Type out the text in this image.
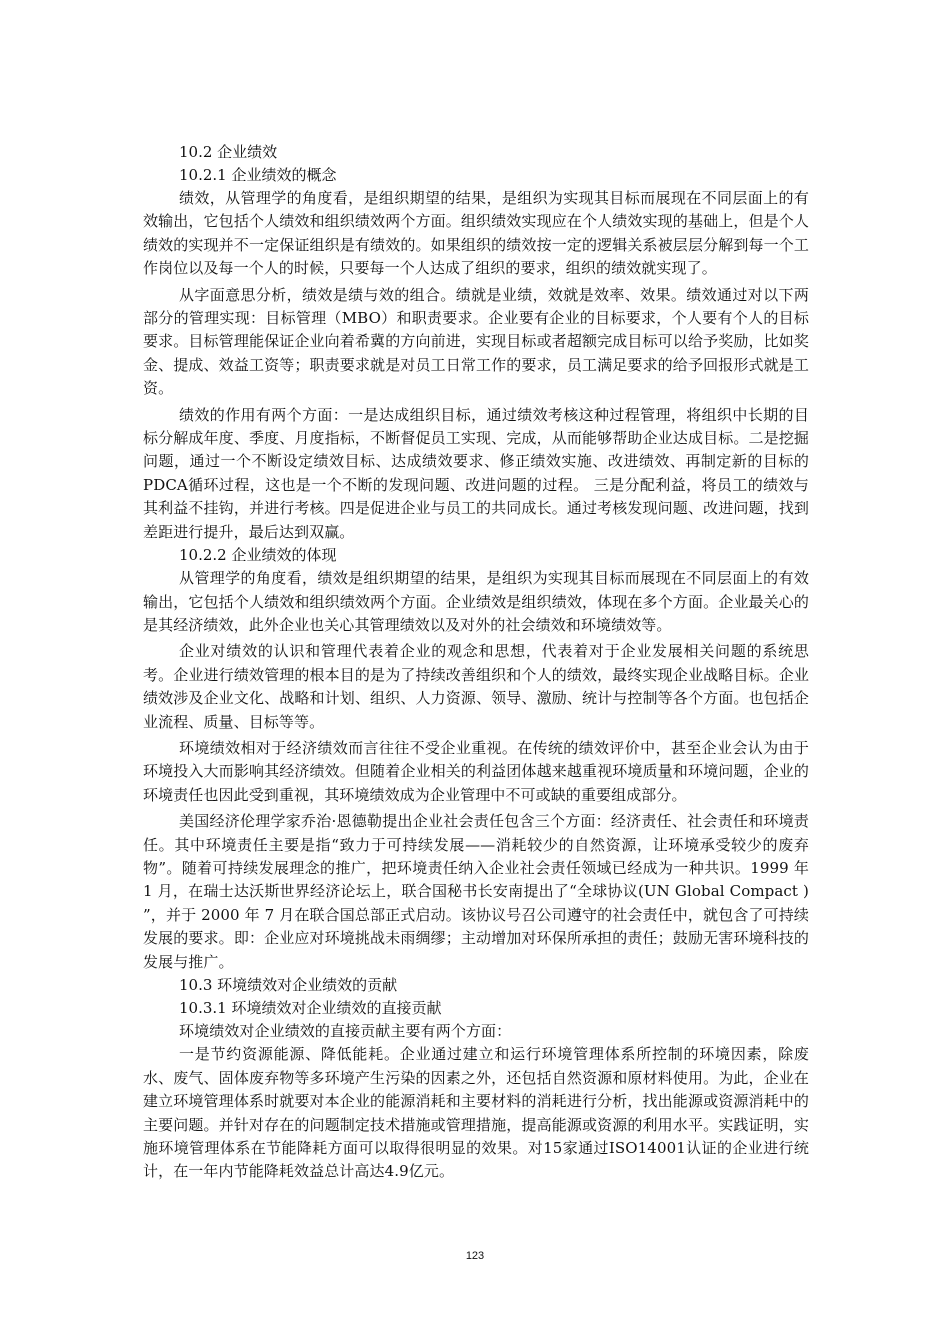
10.2 企业绩效
10.2.1 企业绩效的概念

绩效，从管理学的角度看，是组织期望的结果，是组织为实现其目标而展现在不同层面上的有效输出，它包括个人绩效和组织绩效两个方面。组织绩效实现应在个人绩效实现的基础上，但是个人绩效的实现并不一定保证组织是有绩效的。如果组织的绩效按一定的逻辑关系被层层分解到每一个工作岗位以及每一个人的时候，只要每一个人达成了组织的要求，组织的绩效就实现了。

从字面意思分析，绩效是绩与效的组合。绩就是业绩，效就是效率、效果。绩效通过对以下两部分的管理实现：目标管理（MBO）和职责要求。企业要有企业的目标要求，个人要有个人的目标要求。目标管理能保证企业向着希冀的方向前进，实现目标或者超额完成目标可以给予奖励，比如奖金、提成、效益工资等；职责要求就是对员工日常工作的要求，员工满足要求的给予回报形式就是工资。

绩效的作用有两个方面：一是达成组织目标，通过绩效考核这种过程管理，将组织中长期的目标分解成年度、季度、月度指标，不断督促员工实现、完成，从而能够帮助企业达成目标。二是挖掘问题，通过一个不断设定绩效目标、达成绩效要求、修正绩效实施、改进绩效、再制定新的目标的PDCA循环过程，这也是一个不断的发现问题、改进问题的过程。 三是分配利益，将员工的绩效与其利益不挂钩，并进行考核。四是促进企业与员工的共同成长。通过考核发现问题、改进问题，找到差距进行提升，最后达到双赢。

10.2.2 企业绩效的体现

从管理学的角度看，绩效是组织期望的结果，是组织为实现其目标而展现在不同层面上的有效输出，它包括个人绩效和组织绩效两个方面。企业绩效是组织绩效，体现在多个方面。企业最关心的是其经济绩效，此外企业也关心其管理绩效以及对外的社会绩效和环境绩效等。

企业对绩效的认识和管理代表着企业的观念和思想，代表着对于企业发展相关问题的系统思考。企业进行绩效管理的根本目的是为了持续改善组织和个人的绩效，最终实现企业战略目标。企业绩效涉及企业文化、战略和计划、组织、人力资源、领导、激励、统计与控制等各个方面。也包括企业流程、质量、目标等等。

环境绩效相对于经济绩效而言往往不受企业重视。在传统的绩效评价中，甚至企业会认为由于环境投入大而影响其经济绩效。但随着企业相关的利益团体越来越重视环境质量和环境问题，企业的环境责任也因此受到重视，其环境绩效成为企业管理中不可或缺的重要组成部分。

美国经济伦理学家乔治·恩德勒提出企业社会责任包含三个方面：经济责任、社会责任和环境责任。其中环境责任主要是指“致力于可持续发展——消耗较少的自然资源，让环境承受较少的废弃物”。随着可持续发展理念的推广，把环境责任纳入企业社会责任领域已经成为一种共识。1999 年 1 月，在瑞士达沃斯世界经济论坛上，联合国秘书长安南提出了“全球协议(UN Global Compact ) ”，并于 2000 年 7 月在联合国总部正式启动。该协议号召公司遵守的社会责任中，就包含了可持续发展的要求。即：企业应对环境挑战未雨绸缪；主动增加对环保所承担的责任；鼓励无害环境科技的发展与推广。

10.3 环境绩效对企业绩效的贡献
10.3.1 环境绩效对企业绩效的直接贡献

环境绩效对企业绩效的直接贡献主要有两个方面：

一是节约资源能源、降低能耗。企业通过建立和运行环境管理体系所控制的环境因素，除废水、废气、固体废弃物等多环境产生污染的因素之外，还包括自然资源和原材料使用。为此，企业在建立环境管理体系时就要对本企业的能源消耗和主要材料的消耗进行分析，找出能源或资源消耗中的主要问题。并针对存在的问题制定技术措施或管理措施，提高能源或资源的利用水平。实践证明，实施环境管理体系在节能降耗方面可以取得很明显的效果。对15家通过ISO14001认证的企业进行统计，在一年内节能降耗效益总计高达4.9亿元。

123
